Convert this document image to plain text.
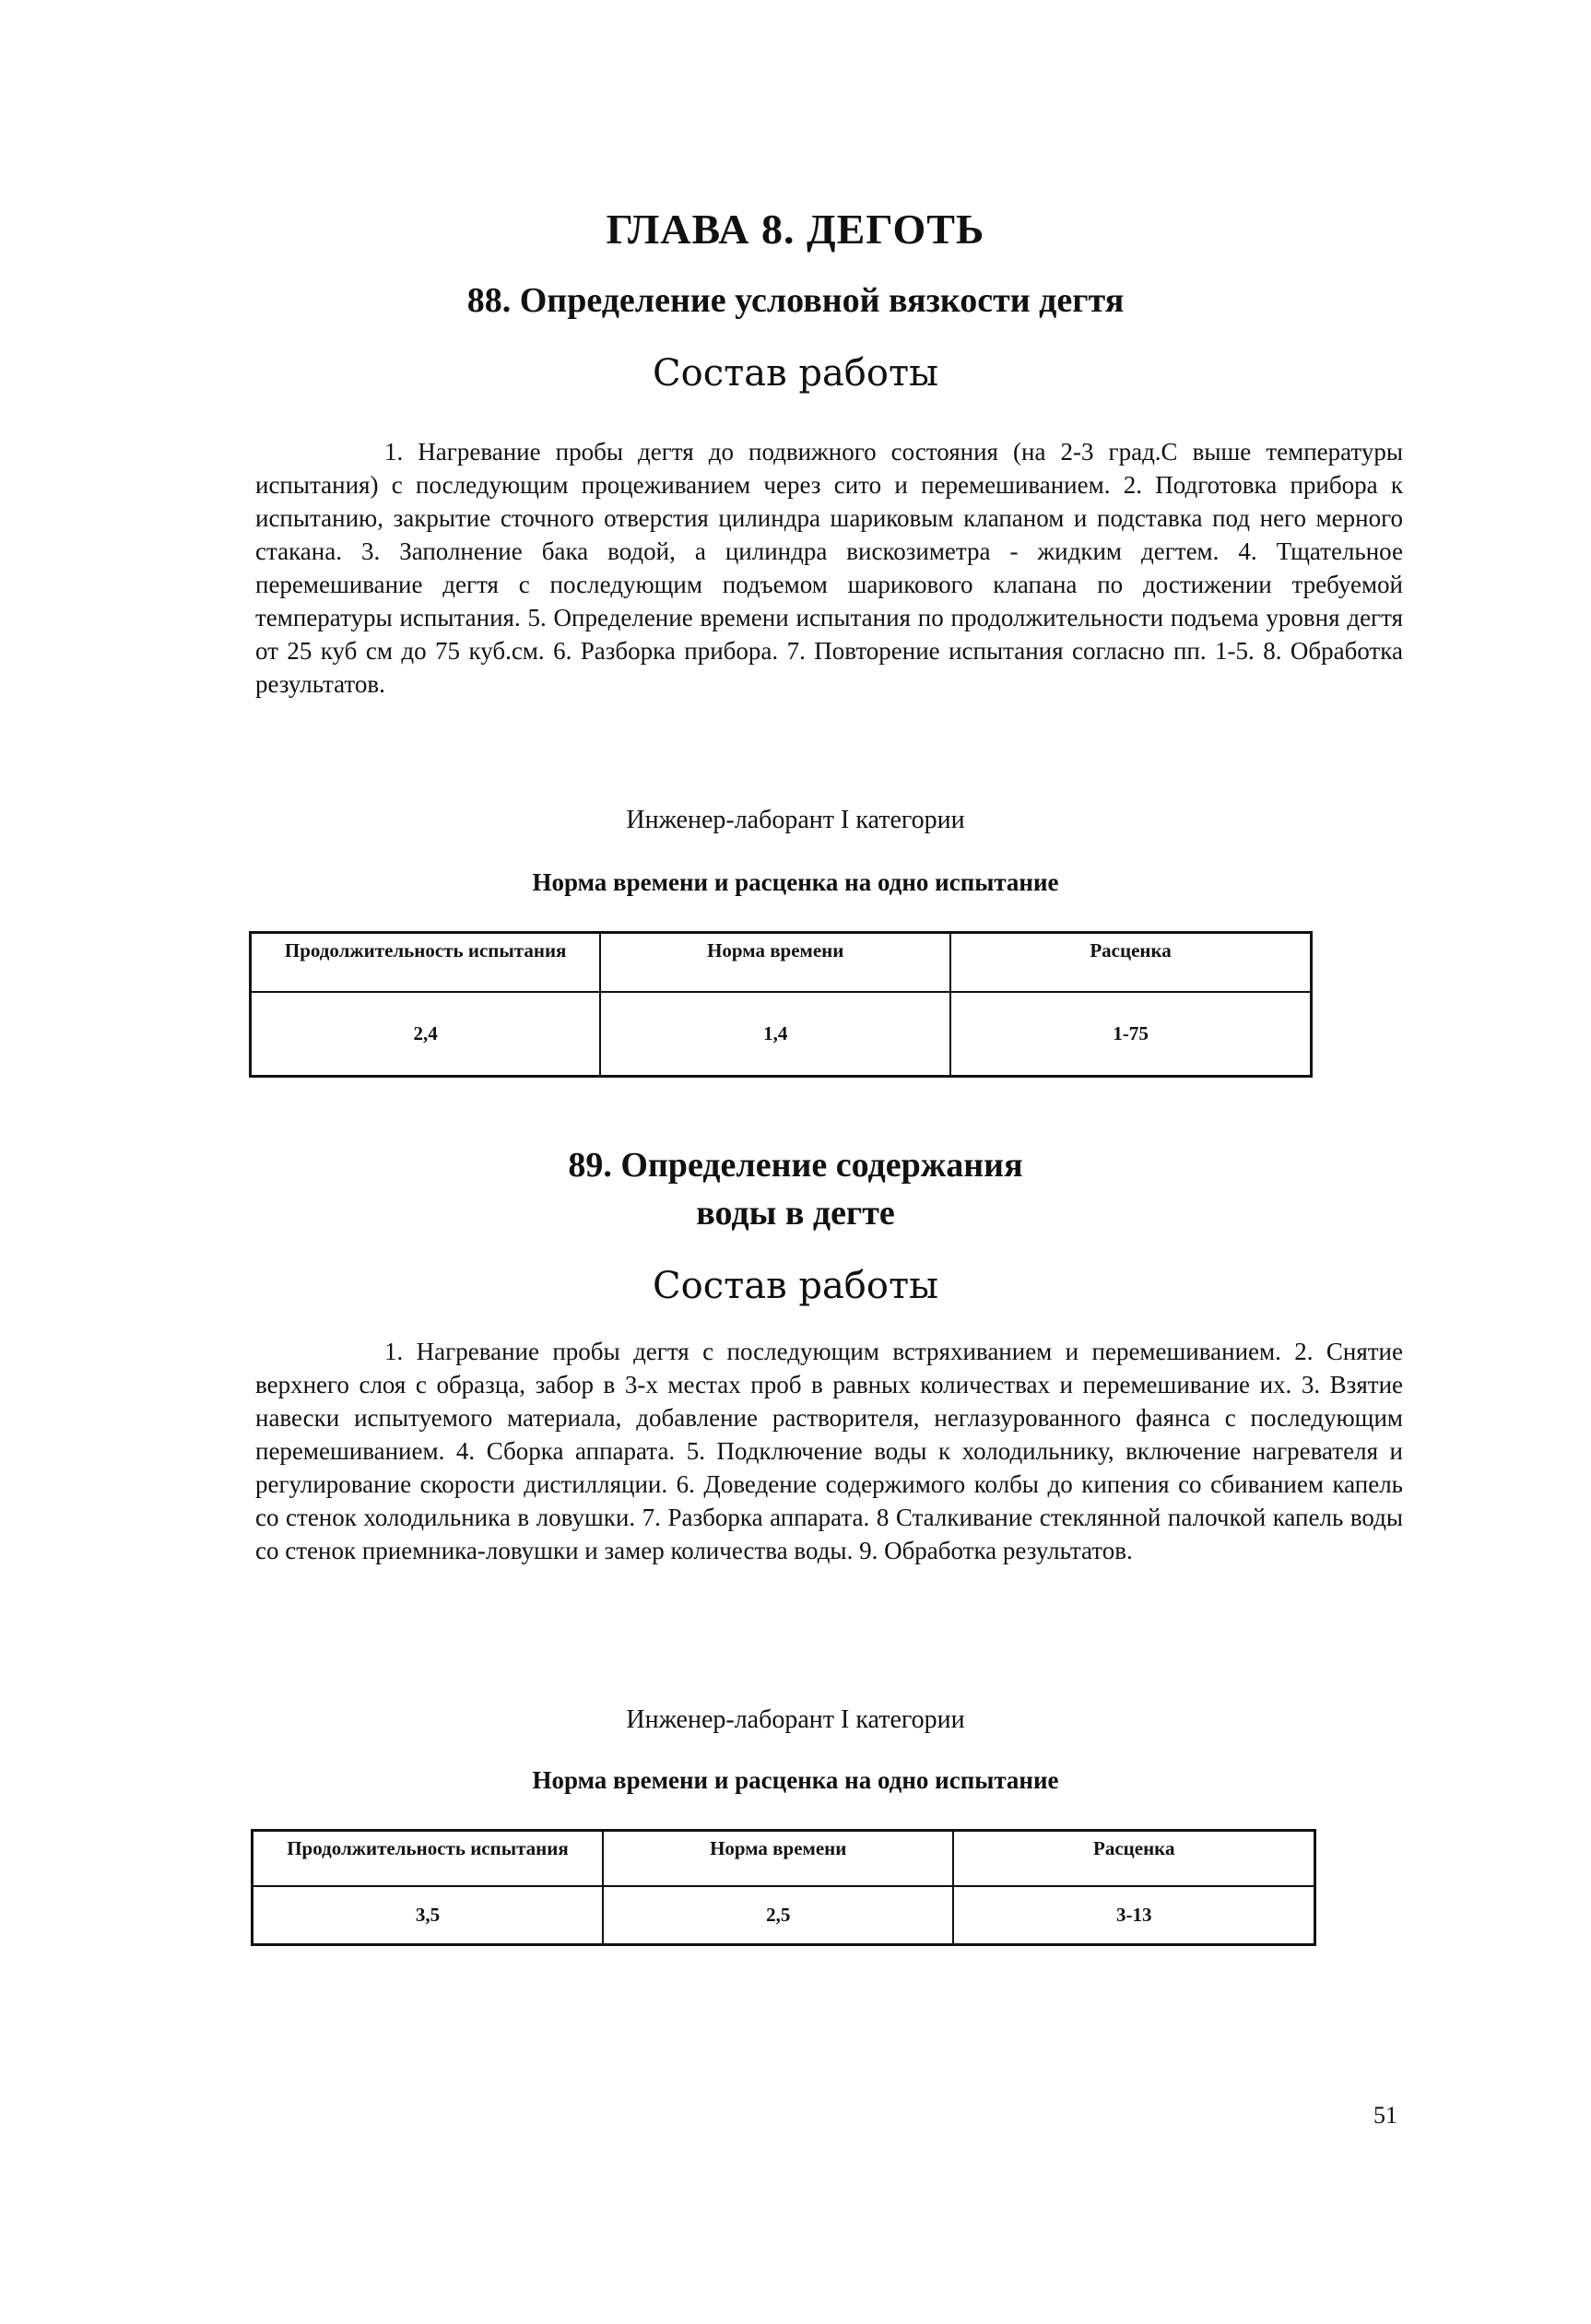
ГЛАВА 8. ДЕГОТЬ
88. Определение условной вязкости дегтя
Состав работы
1. Нагревание пробы дегтя до подвижного состояния (на 2-3 град.С выше температуры испытания) с последующим процеживанием через сито и перемешиванием. 2. Подготовка прибора к испытанию, закрытие сточного отверстия цилиндра шариковым клапаном и подставка под него мерного стакана. 3. Заполнение бака водой, а цилиндра вискозиметра - жидким дегтем. 4. Тщательное перемешивание дегтя с последующим подъемом шарикового клапана по достижении требуемой температуры испытания. 5. Определение времени испытания по продолжительности подъема уровня дегтя от 25 куб см до 75 куб.см. 6. Разборка прибора. 7. Повторение испытания согласно пп. 1-5. 8. Обработка результатов.
Инженер-лаборант I категории
Норма времени и расценка на одно испытание
Продолжительность испытания	Норма времени	Расценка
2,4	1,4	1-75
89. Определение содержания
воды в дегте
Состав работы
1. Нагревание пробы дегтя с последующим встряхиванием и перемешиванием. 2. Снятие верхнего слоя с образца, забор в 3-х местах проб в равных количествах и перемешивание их. 3. Взятие навески испытуемого материала, добавление растворителя, неглазурованного фаянса с последующим перемешиванием. 4. Сборка аппарата. 5. Подключение воды к холодильнику, включение нагревателя и регулирование скорости дистилляции. 6. Доведение содержимого колбы до кипения со сбиванием капель со стенок холодильника в ловушки. 7. Разборка аппарата. 8 Сталкивание стеклянной палочкой капель воды со стенок приемника-ловушки и замер количества воды. 9. Обработка результатов.
Инженер-лаборант I категории
Норма времени и расценка на одно испытание
Продолжительность испытания	Норма времени	Расценка
3,5	2,5	3-13
51
